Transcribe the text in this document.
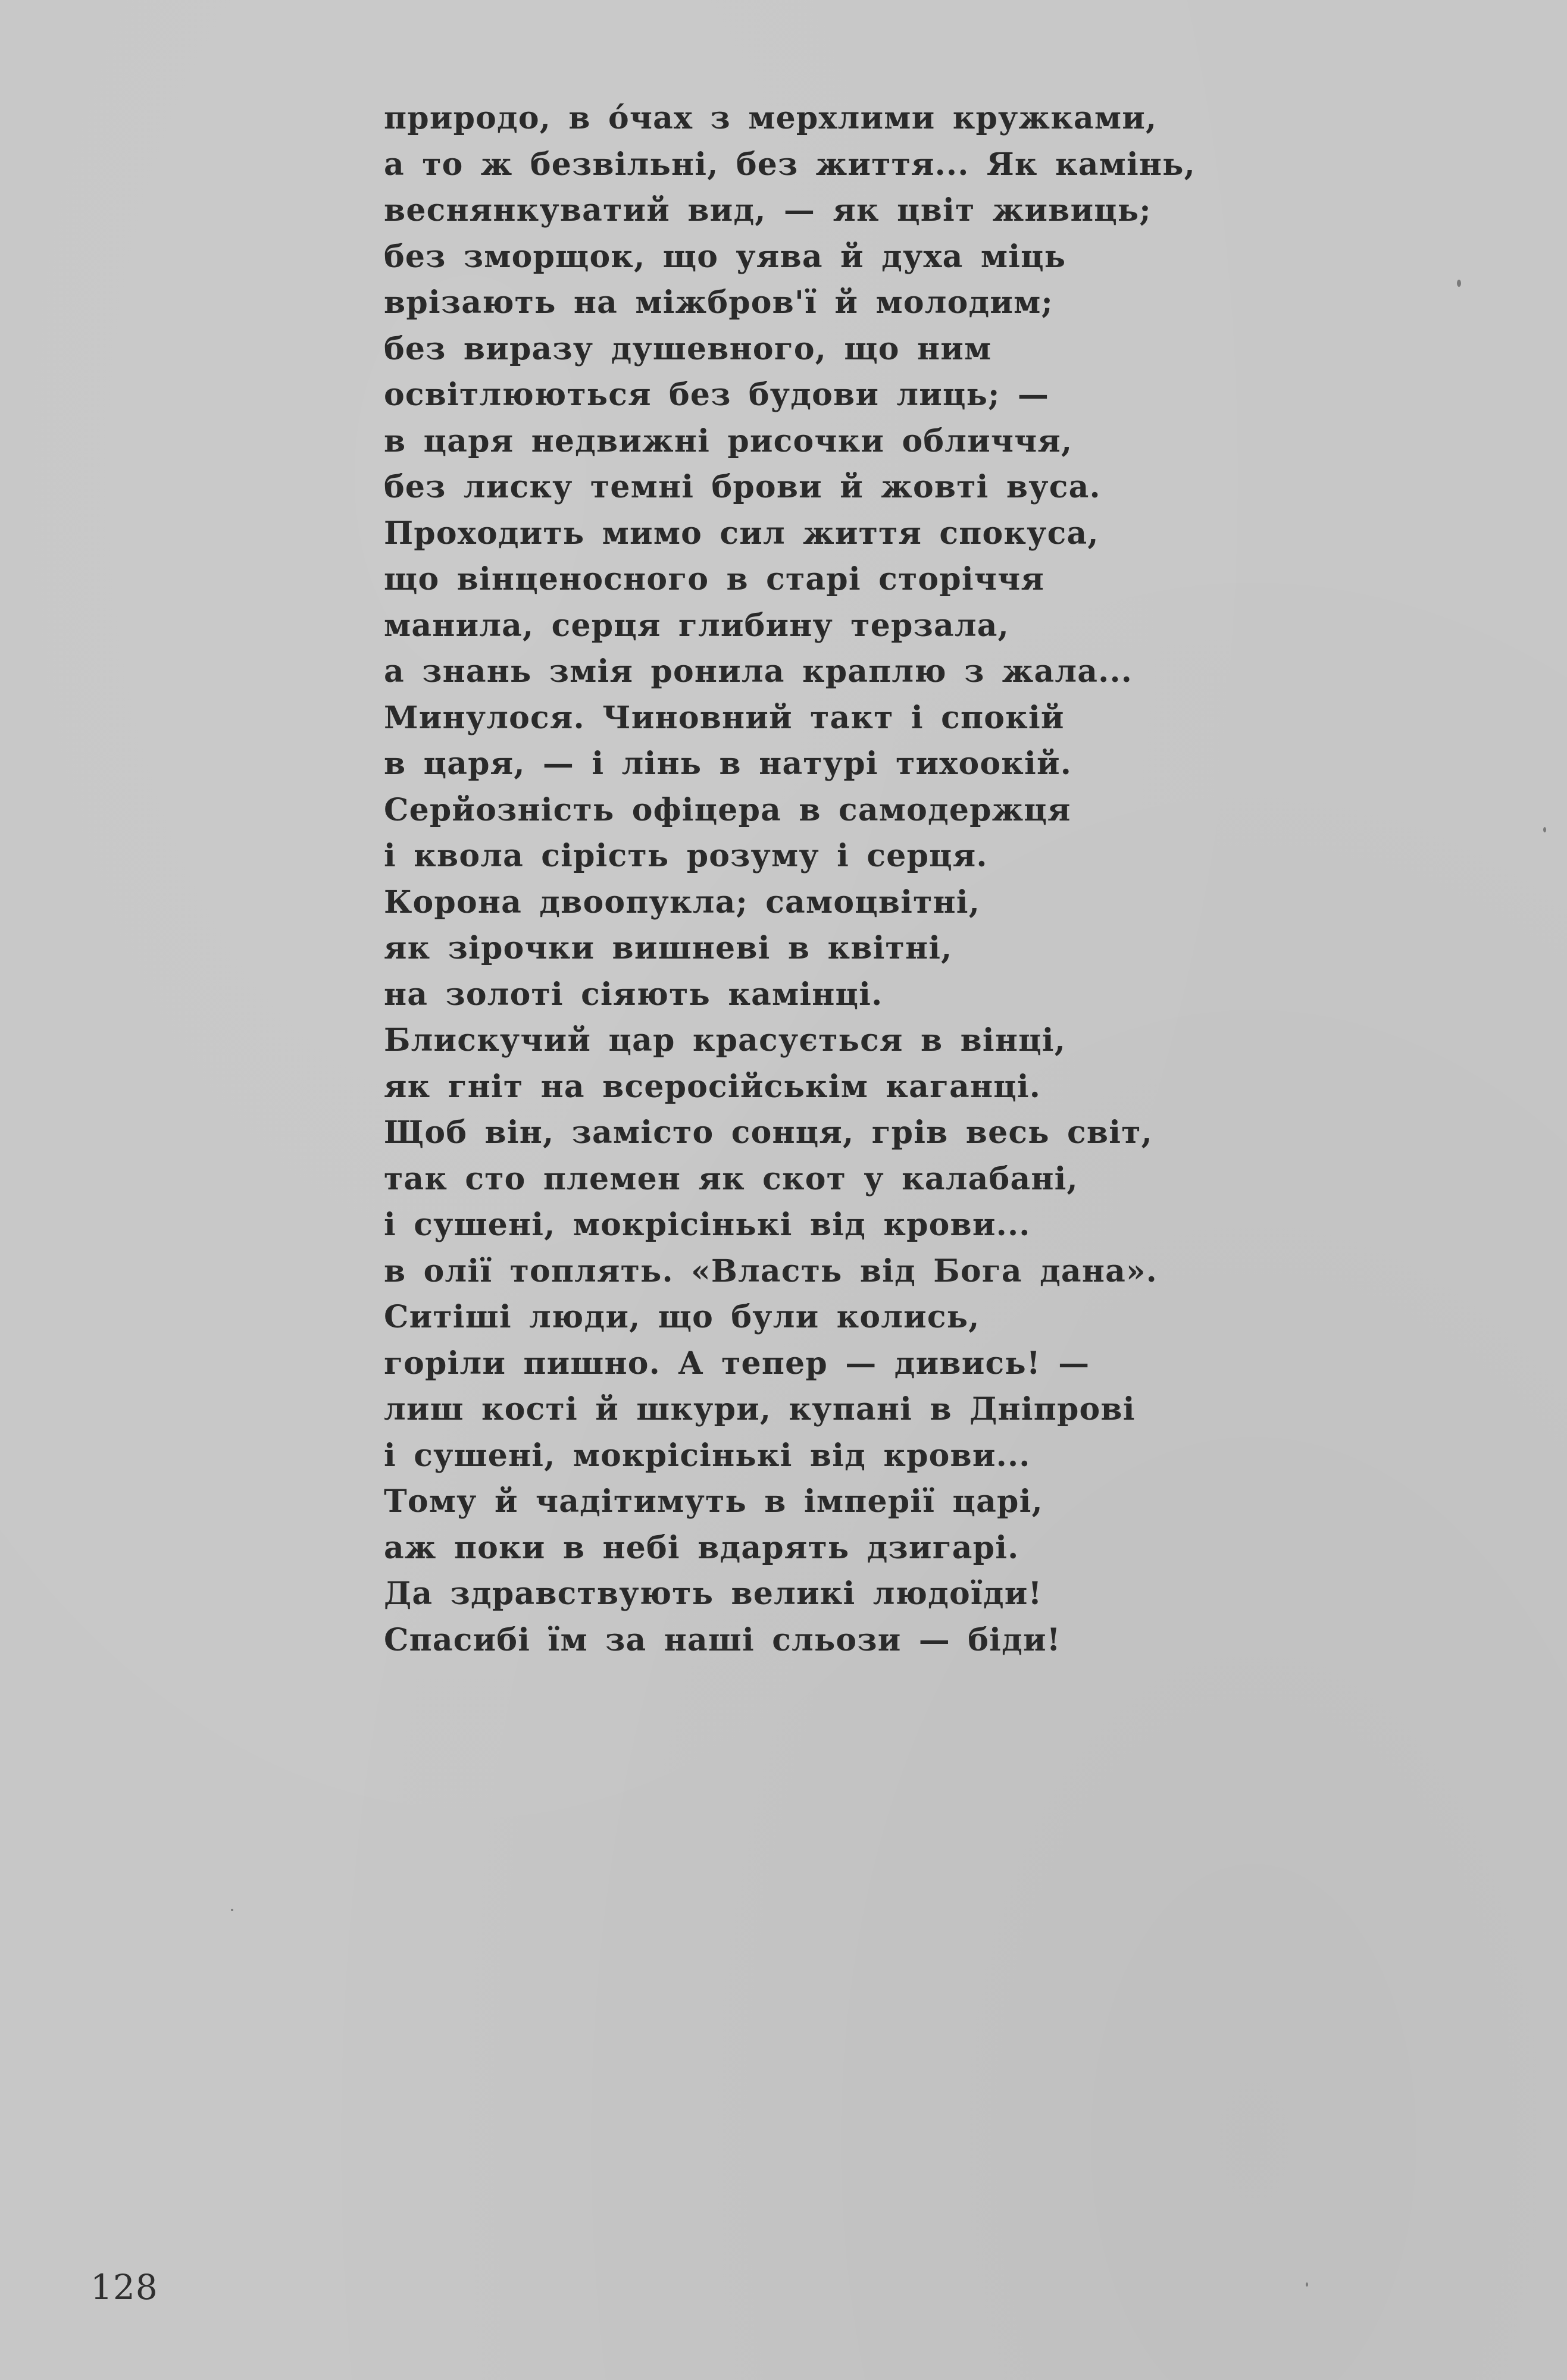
природо, в óчах з мерхлими кружками,
а то ж безвільні, без життя... Як камінь,
веснянкуватий вид, — як цвіт живиць;
без зморщок, що уява й духа міць
врізають на міжбров'ї й молодим;
без виразу душевного, що ним
освітлюються без будови лиць; —
в царя недвижні рисочки обличчя,
без лиску темні брови й жовті вуса.
Проходить мимо сил життя спокуса,
що вінценосного в старі сторіччя
манила, серця глибину терзала,
а знань змія ронила краплю з жала...
Минулося. Чиновний такт і спокій
в царя, — і лінь в натурі тихоокій.
Серйозність офіцера в самодержця
і квола сірість розуму і серця.
Корона двоопукла; самоцвітні,
як зірочки вишневі в квітні,
на золоті сіяють камінці.
Блискучий цар красується в вінці,
як гніт на всеросійськім каганці.
Щоб він, замісто сонця, грів весь світ,
так сто племен як скот у калабані,
і сушені, мокрісінькі від крови...
в олії топлять. «Власть від Бога дана».
Ситіші люди, що були колись,
горіли пишно. А тепер — дивись! —
лиш кості й шкури, купані в Дніпрові
і сушені, мокрісінькі від крови...
Тому й чадітимуть в імперії царі,
аж поки в небі вдарять дзигарі.
Да здравствують великі людоїди!
Спасибі їм за наші сльози — біди!
128
